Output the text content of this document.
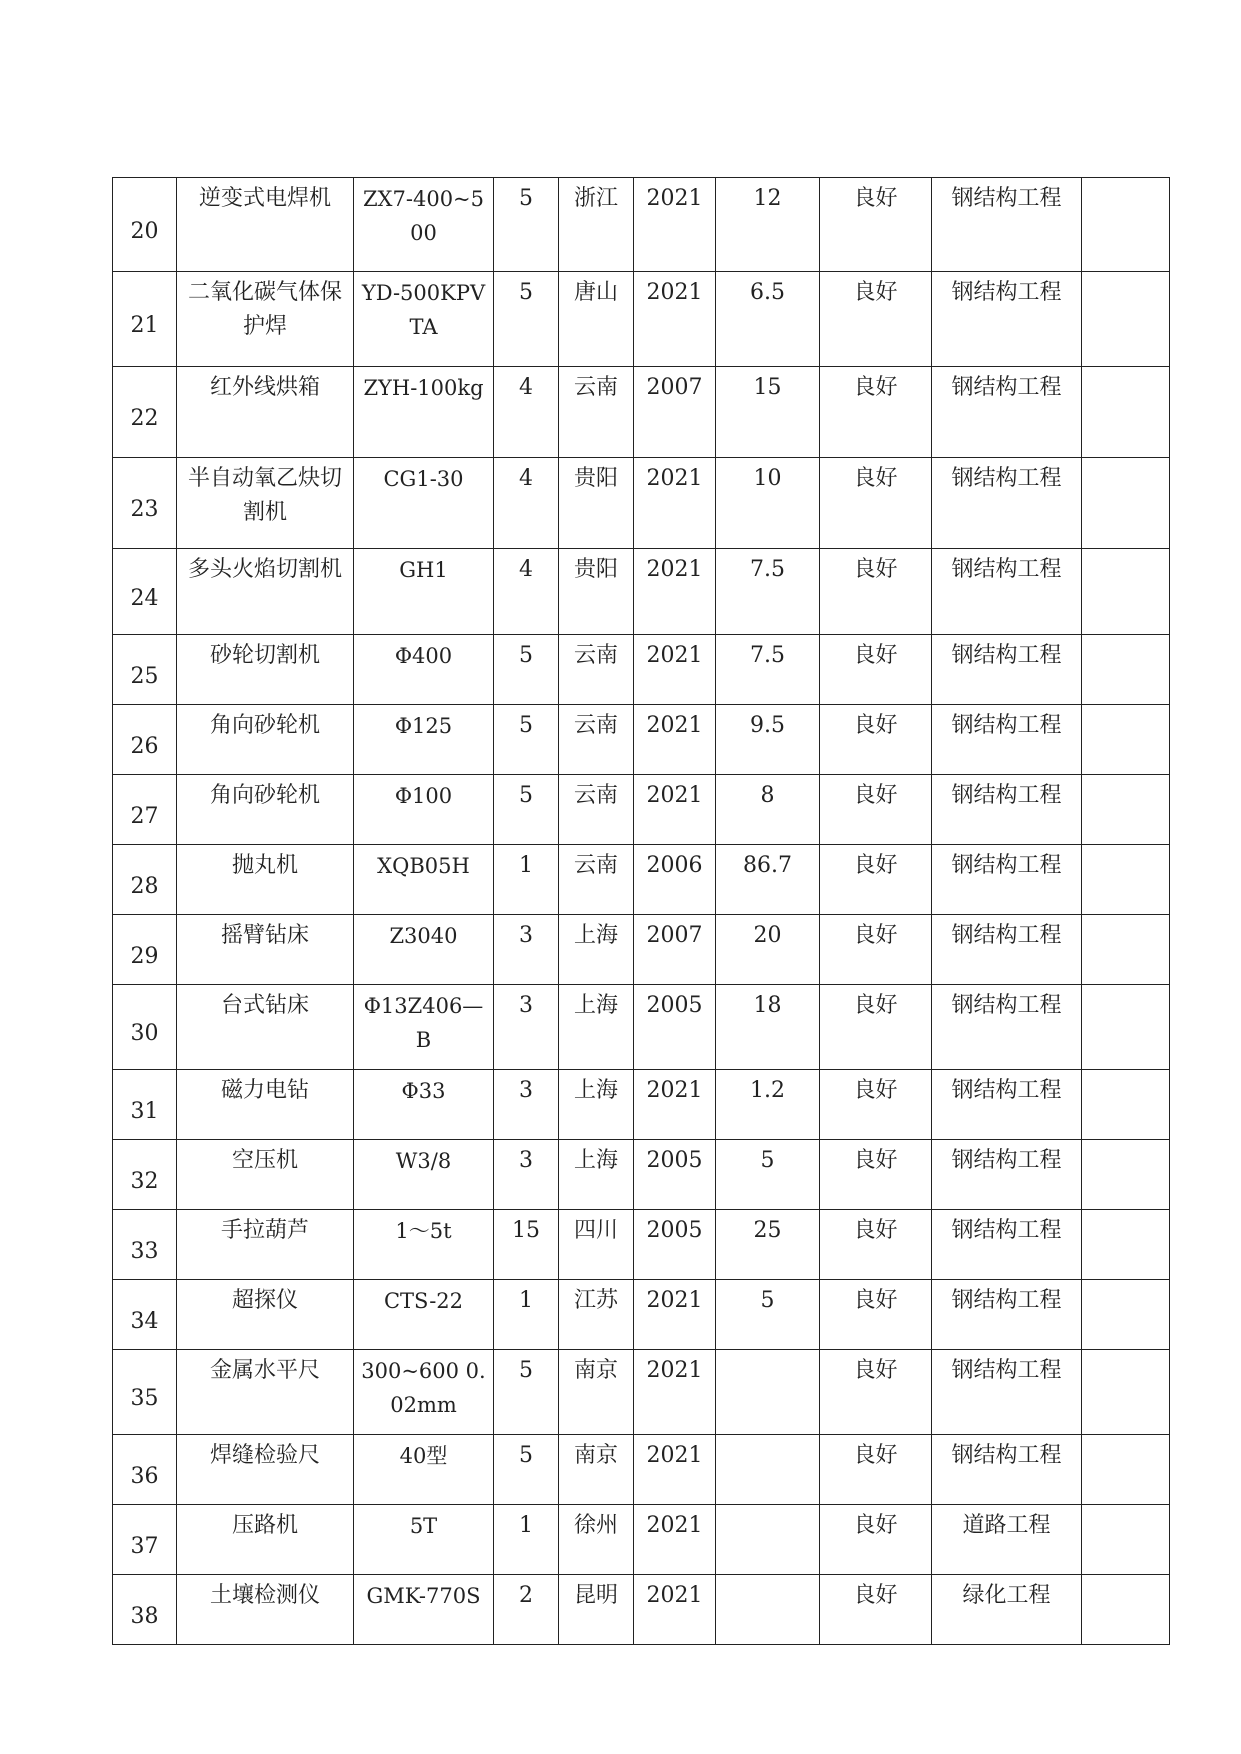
20	逆变式电焊机	ZX7-400~500	5	浙江	2021	12	良好	钢结构工程	

21	二氧化碳气体保护焊	YD-500KPVTA	5	唐山	2021	6.5	良好	钢结构工程	

22	红外线烘箱	ZYH-100kg	4	云南	2007	15	良好	钢结构工程	

23	半自动氧乙炔切割机	CG1-30	4	贵阳	2021	10	良好	钢结构工程	

24	多头火焰切割机	GH1	4	贵阳	2021	7.5	良好	钢结构工程	

25	砂轮切割机	Φ400	5	云南	2021	7.5	良好	钢结构工程	

26	角向砂轮机	Φ125	5	云南	2021	9.5	良好	钢结构工程	

27	角向砂轮机	Φ100	5	云南	2021	8	良好	钢结构工程	

28	抛丸机	XQB05H	1	云南	2006	86.7	良好	钢结构工程	

29	摇臂钻床	Z3040	3	上海	2007	20	良好	钢结构工程	

30	台式钻床	Φ13Z406—B	3	上海	2005	18	良好	钢结构工程	

31	磁力电钻	Φ33	3	上海	2021	1.2	良好	钢结构工程	

32	空压机	W3/8	3	上海	2005	5	良好	钢结构工程	

33	手拉葫芦	1～5t	15	四川	2005	25	良好	钢结构工程	

34	超探仪	CTS-22	1	江苏	2021	5	良好	钢结构工程	

35	金属水平尺	300~600 0.02mm	5	南京	2021		良好	钢结构工程	

36	焊缝检验尺	40型	5	南京	2021		良好	钢结构工程	

37	压路机	5T	1	徐州	2021		良好	道路工程	

38	土壤检测仪	GMK-770S	2	昆明	2021		良好	绿化工程	
